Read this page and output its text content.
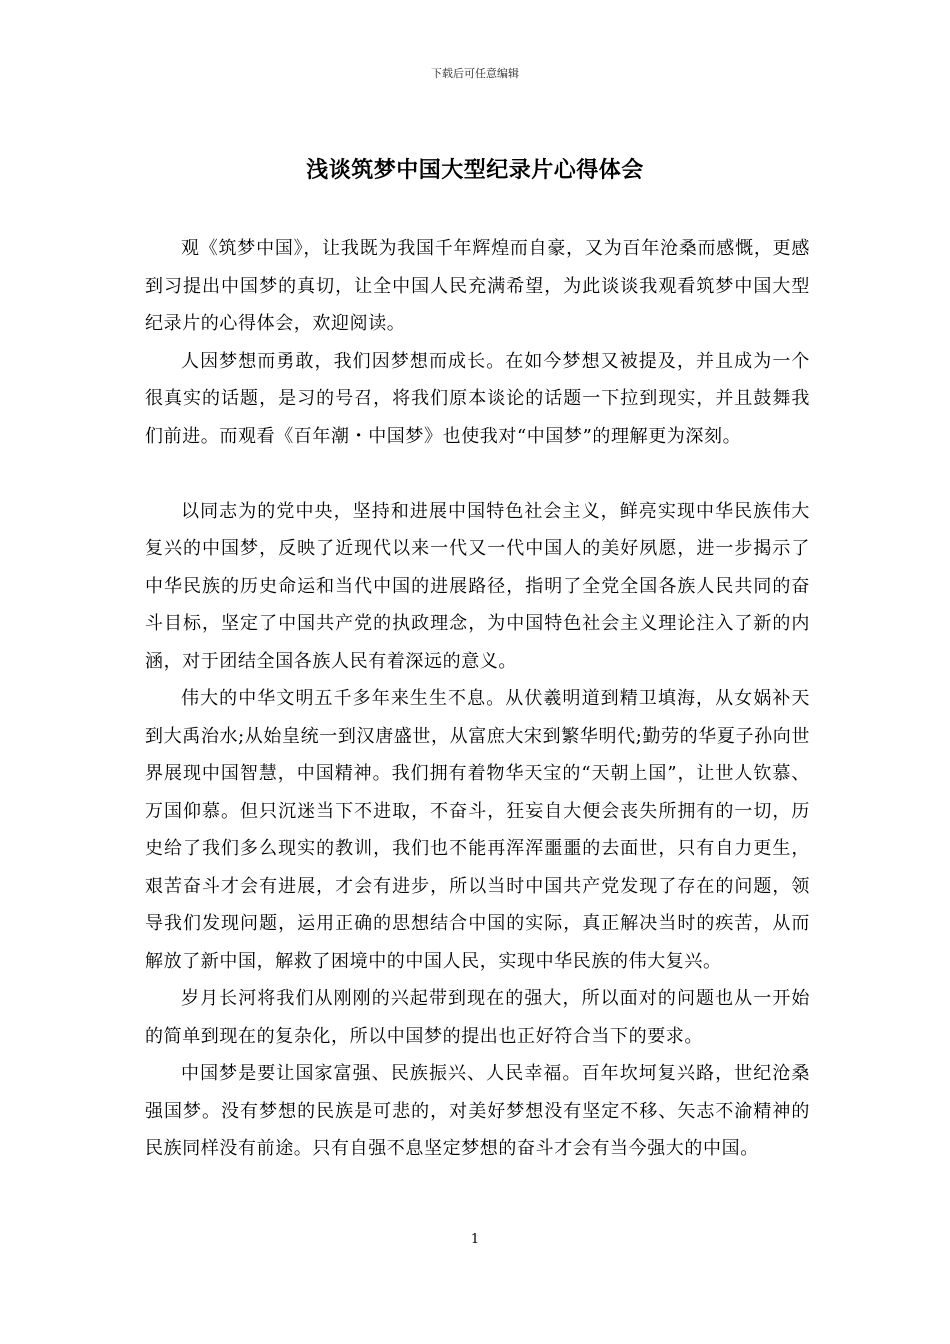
下载后可任意编辑
浅谈筑梦中国大型纪录片心得体会

观《筑梦中国》，让我既为我国千年辉煌而自豪，又为百年沧桑而感慨，更感到习提出中国梦的真切，让全中国人民充满希望，为此谈谈我观看筑梦中国大型纪录片的心得体会，欢迎阅读。

人因梦想而勇敢，我们因梦想而成长。在如今梦想又被提及，并且成为一个很真实的话题，是习的号召，将我们原本谈论的话题一下拉到现实，并且鼓舞我们前进。而观看《百年潮・中国梦》也使我对“中国梦”的理解更为深刻。

以同志为的党中央，坚持和进展中国特色社会主义，鲜亮实现中华民族伟大复兴的中国梦，反映了近现代以来一代又一代中国人的美好夙愿，进一步揭示了中华民族的历史命运和当代中国的进展路径，指明了全党全国各族人民共同的奋斗目标，坚定了中国共产党的执政理念，为中国特色社会主义理论注入了新的内涵，对于团结全国各族人民有着深远的意义。

伟大的中华文明五千多年来生生不息。从伏羲明道到精卫填海，从女娲补天到大禹治水;从始皇统一到汉唐盛世，从富庶大宋到繁华明代;勤劳的华夏子孙向世界展现中国智慧，中国精神。我们拥有着物华天宝的“天朝上国”，让世人钦慕、万国仰慕。但只沉迷当下不进取，不奋斗，狂妄自大便会丧失所拥有的一切，历史给了我们多么现实的教训，我们也不能再浑浑噩噩的去面世，只有自力更生，艰苦奋斗才会有进展，才会有进步，所以当时中国共产党发现了存在的问题，领导我们发现问题，运用正确的思想结合中国的实际，真正解决当时的疾苦，从而解放了新中国，解救了困境中的中国人民，实现中华民族的伟大复兴。

岁月长河将我们从刚刚的兴起带到现在的强大，所以面对的问题也从一开始的简单到现在的复杂化，所以中国梦的提出也正好符合当下的要求。

中国梦是要让国家富强、民族振兴、人民幸福。百年坎坷复兴路，世纪沧桑强国梦。没有梦想的民族是可悲的，对美好梦想没有坚定不移、矢志不渝精神的民族同样没有前途。只有自强不息坚定梦想的奋斗才会有当今强大的中国。

1
